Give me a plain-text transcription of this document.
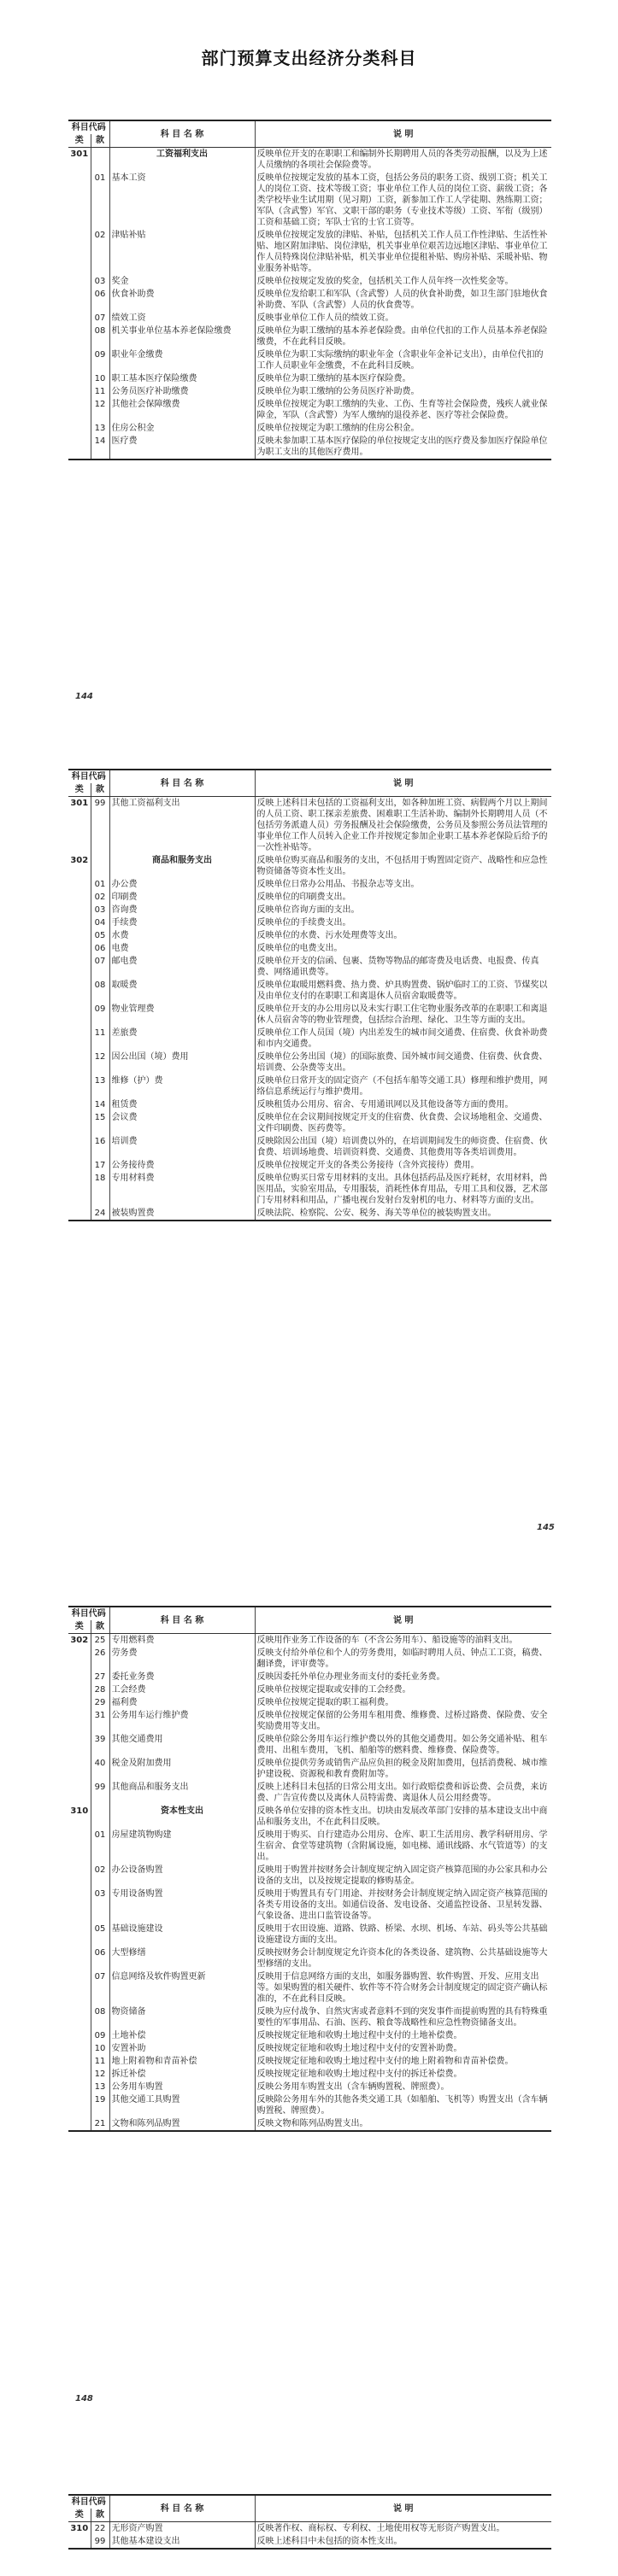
部门预算支出经济分类科目
科目代码		科 目 名 称	说 明
类	款		
301		工资福利支出	反映单位开支的在职职工和编制外长期聘用人员的各类劳动报酬，以及为上述人员缴纳的各项社会保险费等。
	01	基本工资	反映单位按规定发放的基本工资，包括公务员的职务工资、级别工资；机关工人的岗位工资、技术等级工资；事业单位工作人员的岗位工资、薪级工资；各类学校毕业生试用期（见习期）工资，新参加工作工人学徒期、熟练期工资；军队（含武警）军官、文职干部的职务（专业技术等级）工资、军衔（级别）工资和基础工资；军队士官的士官工资等。
	02	津贴补贴	反映单位按规定发放的津贴、补贴，包括机关工作人员工作性津贴、生活性补贴、地区附加津贴、岗位津贴，机关事业单位艰苦边远地区津贴、事业单位工作人员特殊岗位津贴补贴，机关事业单位提租补贴、购房补贴、采暖补贴、物业服务补贴等。
	03	奖金	反映单位按规定发放的奖金，包括机关工作人员年终一次性奖金等。
	06	伙食补助费	反映单位发给职工和军队（含武警）人员的伙食补助费，如卫生部门驻地伙食补助费、军队（含武警）人员的伙食费等。
	07	绩效工资	反映事业单位工作人员的绩效工资。
	08	机关事业单位基本养老保险缴费	反映单位为职工缴纳的基本养老保险费。由单位代扣的工作人员基本养老保险缴费，不在此科目反映。
	09	职业年金缴费	反映单位为职工实际缴纳的职业年金（含职业年金补记支出），由单位代扣的工作人员职业年金缴费，不在此科目反映。
	10	职工基本医疗保险缴费	反映单位为职工缴纳的基本医疗保险费。
	11	公务员医疗补助缴费	反映单位为职工缴纳的公务员医疗补助费。
	12	其他社会保障缴费	反映单位按规定为职工缴纳的失业、工伤、生育等社会保险费，残疾人就业保障金，军队（含武警）为军人缴纳的退役养老、医疗等社会保险费。
	13	住房公积金	反映单位按规定为职工缴纳的住房公积金。
	14	医疗费	反映未参加职工基本医疗保险的单位按规定支出的医疗费及参加医疗保险单位为职工支出的其他医疗费用。
144
科目代码		科 目 名 称	说 明
类	款		
301	99	其他工资福利支出	反映上述科目未包括的工资福利支出，如各种加班工资、病假两个月以上期间的人员工资、职工探亲差旅费、困难职工生活补助、编制外长期聘用人员（不包括劳务派遣人员）劳务报酬及社会保险缴费，公务员及参照公务员法管理的事业单位工作人员转入企业工作并按规定参加企业职工基本养老保险后给予的一次性补贴等。
302		商品和服务支出	反映单位购买商品和服务的支出，不包括用于购置固定资产、战略性和应急性物资储备等资本性支出。
	01	办公费	反映单位日常办公用品、书报杂志等支出。
	02	印刷费	反映单位的印刷费支出。
	03	咨询费	反映单位咨询方面的支出。
	04	手续费	反映单位的手续费支出。
	05	水费	反映单位的水费、污水处理费等支出。
	06	电费	反映单位的电费支出。
	07	邮电费	反映单位开支的信函、包裹、货物等物品的邮寄费及电话费、电报费、传真费、网络通讯费等。
	08	取暖费	反映单位取暖用燃料费、热力费、炉具购置费、锅炉临时工的工资、节煤奖以及由单位支付的在职职工和离退休人员宿舍取暖费等。
	09	物业管理费	反映单位开支的办公用房以及未实行职工住宅物业服务改革的在职职工和离退休人员宿舍等的物业管理费，包括综合治理、绿化、卫生等方面的支出。
	11	差旅费	反映单位工作人员国（境）内出差发生的城市间交通费、住宿费、伙食补助费和市内交通费。
	12	因公出国（境）费用	反映单位公务出国（境）的国际旅费、国外城市间交通费、住宿费、伙食费、培训费、公杂费等支出。
	13	维修（护）费	反映单位日常开支的固定资产（不包括车船等交通工具）修理和维护费用，网络信息系统运行与维护费用。
	14	租赁费	反映租赁办公用房、宿舍、专用通讯网以及其他设备等方面的费用。
	15	会议费	反映单位在会议期间按规定开支的住宿费、伙食费、会议场地租金、交通费、文件印刷费、医药费等。
	16	培训费	反映除因公出国（境）培训费以外的，在培训期间发生的师资费、住宿费、伙食费、培训场地费、培训资料费、交通费、其他费用等各类培训费用。
	17	公务接待费	反映单位按规定开支的各类公务接待（含外宾接待）费用。
	18	专用材料费	反映单位购买日常专用材料的支出。具体包括药品及医疗耗材，农用材料，兽医用品，实验室用品，专用服装，消耗性体育用品，专用工具和仪器，艺术部门专用材料和用品，广播电视台发射台发射机的电力、材料等方面的支出。
	24	被装购置费	反映法院、检察院、公安、税务、海关等单位的被装购置支出。
145
科目代码		科 目 名 称	说 明
类	款		
302	25	专用燃料费	反映用作业务工作设备的车（不含公务用车）、船设施等的油料支出。
	26	劳务费	反映支付给外单位和个人的劳务费用，如临时聘用人员、钟点工工资，稿费、翻译费，评审费等。
	27	委托业务费	反映因委托外单位办理业务而支付的委托业务费。
	28	工会经费	反映单位按规定提取或安排的工会经费。
	29	福利费	反映单位按规定提取的职工福利费。
	31	公务用车运行维护费	反映单位按规定保留的公务用车租用费、维修费、过桥过路费、保险费、安全奖励费用等支出。
	39	其他交通费用	反映单位除公务用车运行维护费以外的其他交通费用。如公务交通补贴、租车费用、出租车费用，飞机、船舶等的燃料费、维修费、保险费等。
	40	税金及附加费用	反映单位提供劳务或销售产品应负担的税金及附加费用，包括消费税、城市维护建设税、资源税和教育费附加等。
	99	其他商品和服务支出	反映上述科目未包括的日常公用支出。如行政赔偿费和诉讼费、会员费，来访费、广告宣传费以及离休人员特需费、离退休人员公用经费等。
310		资本性支出	反映各单位安排的资本性支出。切块由发展改革部门安排的基本建设支出中商品和服务支出，不在此科目反映。
	01	房屋建筑物购建	反映用于购买、自行建造办公用房、仓库、职工生活用房、教学科研用房、学生宿舍、食堂等建筑物（含附属设施，如电梯、通讯线路、水气管道等）的支出。
	02	办公设备购置	反映用于购置并按财务会计制度规定纳入固定资产核算范围的办公家具和办公设备的支出，以及按规定提取的修购基金。
	03	专用设备购置	反映用于购置具有专门用途、并按财务会计制度规定纳入固定资产核算范围的各类专用设备的支出。如通信设备、发电设备、交通监控设备、卫星转发器、气象设备、进出口监管设备等。
	05	基础设施建设	反映用于农田设施、道路、铁路、桥梁、水坝、机场、车站、码头等公共基础设施建设方面的支出。
	06	大型修缮	反映按财务会计制度规定允许资本化的各类设备、建筑物、公共基础设施等大型修缮的支出。
	07	信息网络及软件购置更新	反映用于信息网络方面的支出，如服务器购置、软件购置、开发、应用支出等。如果购置的相关硬件、软件等不符合财务会计制度规定的固定资产确认标准的，不在此科目反映。
	08	物资储备	反映为应付战争、自然灾害或者意料不到的突发事件而提前购置的具有特殊重要性的军事用品、石油、医药、粮食等战略性和应急性物资储备支出。
	09	土地补偿	反映按规定征地和收购土地过程中支付的土地补偿费。
	10	安置补助	反映按规定征地和收购土地过程中支付的安置补助费。
	11	地上附着物和青苗补偿	反映按规定征地和收购土地过程中支付的地上附着物和青苗补偿费。
	12	拆迁补偿	反映按规定征地和收购土地过程中支付的拆迁补偿费。
	13	公务用车购置	反映公务用车购置支出（含车辆购置税、牌照费）。
	19	其他交通工具购置	反映除公务用车外的其他各类交通工具（如船舶、飞机等）购置支出（含车辆购置税、牌照费）。
	21	文物和陈列品购置	反映文物和陈列品购置支出。
148
科目代码		科 目 名 称	说 明
类	款		
310	22	无形资产购置	反映著作权、商标权、专利权、土地使用权等无形资产购置支出。
	99	其他基本建设支出	反映上述科目中未包括的资本性支出。
